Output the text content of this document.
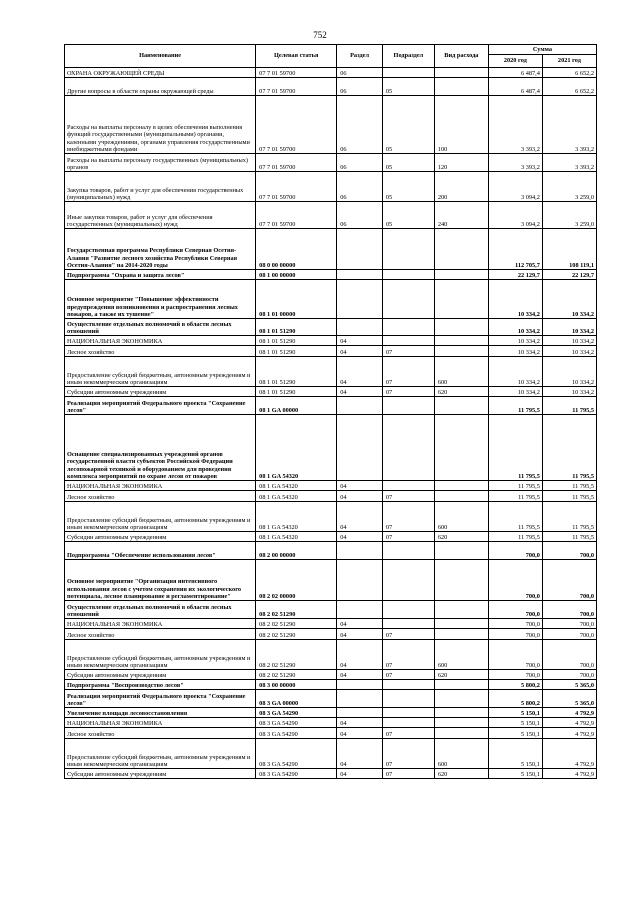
752
Наименование	Целевая статья	Раздел	Подраздел	Вид расхода	Сумма	
					2020 год	2021 год
ОХРАНА ОКРУЖАЮЩЕЙ СРЕДЫ	07 7 01 59700	06			6 487,4	6 652,2
Другие вопросы в области охраны окружающей среды	07 7 01 59700	06	05		6 487,4	6 652,2
Расходы на выплаты персоналу в целях обеспечения выполнения функций государственными (муниципальными) органами, казенными учреждениями, органами управления государственными внебюджетными фондами	07 7 01 59700	06	05	100	3 393,2	3 393,2
Расходы на выплаты персоналу государственных (муниципальных) органов	07 7 01 59700	06	05	120	3 393,2	3 393,2
Закупка товаров, работ и услуг для обеспечения государственных (муниципальных) нужд	07 7 01 59700	06	05	200	3 094,2	3 259,0
Иные закупки товаров, работ и услуг для обеспечения государственных (муниципальных) нужд	07 7 01 59700	06	05	240	3 094,2	3 259,0
Государственная программа Республики Северная Осетия-Алания "Развитие лесного хозяйства Республики Северная Осетия-Алания" на 2014-2020 годы	08 0 00 00000				112 705,7	108 119,1
Подпрограмма "Охрана и защита лесов"	08 1 00 00000				22 129,7	22 129,7
Основное мероприятие "Повышение эффективности предупреждения возникновения и распространения лесных пожаров, а также их тушение"	08 1 01 00000				10 334,2	10 334,2
Осуществление отдельных полномочий в области лесных отношений	08 1 01 51290				10 334,2	10 334,2
НАЦИОНАЛЬНАЯ ЭКОНОМИКА	08 1 01 51290	04			10 334,2	10 334,2
Лесное хозяйство	08 1 01 51290	04	07		10 334,2	10 334,2
Предоставление субсидий бюджетным, автономным учреждениям и иным некоммерческим организациям	08 1 01 51290	04	07	600	10 334,2	10 334,2
Субсидии автономным учреждениям	08 1 01 51290	04	07	620	10 334,2	10 334,2
Реализация мероприятий Федерального проекта "Сохранение лесов"	08 1 GA 00000				11 795,5	11 795,5
Оснащение специализированных учреждений органов государственной власти субъектов Российской Федерации лесопожарной техникой и оборудованием для проведения комплекса мероприятий по охране лесов от пожаров	08 1 GA 54320				11 795,5	11 795,5
НАЦИОНАЛЬНАЯ ЭКОНОМИКА	08 1 GA 54320	04			11 795,5	11 795,5
Лесное хозяйство	08 1 GA 54320	04	07		11 795,5	11 795,5
Предоставление субсидий бюджетным, автономным учреждениям и иным некоммерческим организациям	08 1 GA 54320	04	07	600	11 795,5	11 795,5
Субсидии автономным учреждениям	08 1 GA 54320	04	07	620	11 795,5	11 795,5
Подпрограмма "Обеспечение использования лесов"	08 2 00 00000				700,0	700,0
Основное мероприятие "Организация интенсивного использования лесов с учетом сохранения их экологического потенциала, лесное планирование и регламентирование"	08 2 02 00000				700,0	700,0
Осуществление отдельных полномочий в области лесных отношений	08 2 02 51290				700,0	700,0
НАЦИОНАЛЬНАЯ ЭКОНОМИКА	08 2 02 51290	04			700,0	700,0
Лесное хозяйство	08 2 02 51290	04	07		700,0	700,0
Предоставление субсидий бюджетным, автономным учреждениям и иным некоммерческим организациям	08 2 02 51290	04	07	600	700,0	700,0
Субсидии автономным учреждениям	08 2 02 51290	04	07	620	700,0	700,0
Подпрограмма "Воспроизводство лесов"	08 3 00 00000				5 800,2	5 365,0
Реализация мероприятий Федерального проекта "Сохранение лесов"	08 3 GA 00000				5 800,2	5 365,0
Увеличение площади лесовосстановления	08 3 GA 54290				5 150,1	4 792,9
НАЦИОНАЛЬНАЯ ЭКОНОМИКА	08 3 GA 54290	04			5 150,1	4 792,9
Лесное хозяйство	08 3 GA 54290	04	07		5 150,1	4 792,9
Предоставление субсидий бюджетным, автономным учреждениям и иным некоммерческим организациям	08 3 GA 54290	04	07	600	5 150,1	4 792,9
Субсидии автономным учреждениям	08 3 GA 54290	04	07	620	5 150,1	4 792,9
